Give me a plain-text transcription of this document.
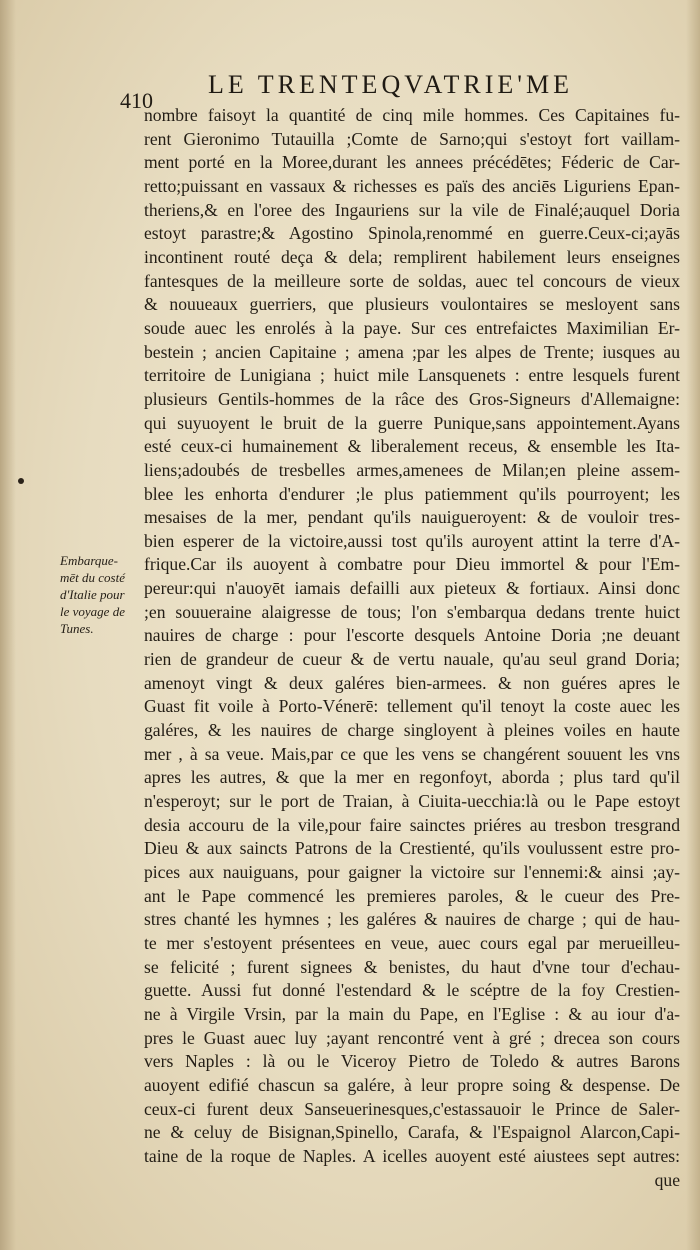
410
LE TRENTEQVATRIE'ME
Embarque-
mēt du costé
d'Italie pour
le voyage de
Tunes.
nombre faisoyt la quantité de cinq mile hommes. Ces Capitaines fu-
rent Gieronimo Tutauilla ;Comte de Sarno;qui s'estoyt fort vaillam-
ment porté en la Moree,durant les annees précédētes; Féderic de Car-
retto;puissant en vassaux & richesses es païs des anciēs Liguriens Epan-
theriens,& en l'oree des Ingauriens sur la vile de Finalé;auquel Doria
estoyt parastre;& Agostino Spinola,renommé en guerre.Ceux-ci;ayās
incontinent routé deça & dela; remplirent habilement leurs enseignes
fantesques de la meilleure sorte de soldas, auec tel concours de vieux
& nouueaux guerriers, que plusieurs voulontaires se mesloyent sans
soude auec les enrolés à la paye. Sur ces entrefaictes Maximilian Er-
bestein ; ancien Capitaine ; amena ;par les alpes de Trente; iusques au
territoire de Lunigiana ; huict mile Lansquenets : entre lesquels furent
plusieurs Gentils-hommes de la râce des Gros-Signeurs d'Allemaigne:
qui suyuoyent le bruit de la guerre Punique,sans appointement.Ayans
esté ceux-ci humainement & liberalement receus, & ensemble les Ita-
liens;adoubés de tresbelles armes,amenees de Milan;en pleine assem-
blee les enhorta d'endurer ;le plus patiemment qu'ils pourroyent; les
mesaises de la mer, pendant qu'ils nauigueroyent: & de vouloir tres-
bien esperer de la victoire,aussi tost qu'ils auroyent attint la terre d'A-
frique.Car ils auoyent à combatre pour Dieu immortel & pour l'Em-
pereur:qui n'auoyēt iamais defailli aux pieteux & fortiaux. Ainsi donc
;en souueraine alaigresse de tous; l'on s'embarqua dedans trente huict
nauires de charge : pour l'escorte desquels Antoine Doria ;ne deuant
rien de grandeur de cueur & de vertu nauale, qu'au seul grand Doria;
amenoyt vingt & deux galéres bien-armees. & non guéres apres le
Guast fit voile à Porto-Vénerē: tellement qu'il tenoyt la coste auec les
galéres, & les nauires de charge singloyent à pleines voiles en haute
mer , à sa veue. Mais,par ce que les vens se changérent souuent les vns
apres les autres, & que la mer en regonfoyt, aborda ; plus tard qu'il
n'esperoyt; sur le port de Traian, à Ciuita-uecchia:là ou le Pape estoyt
desia accouru de la vile,pour faire sainctes priéres au tresbon tresgrand
Dieu & aux saincts Patrons de la Crestienté, qu'ils voulussent estre pro-
pices aux nauiguans, pour gaigner la victoire sur l'ennemi:& ainsi ;ay-
ant le Pape commencé les premieres paroles, & le cueur des Pre-
stres chanté les hymnes ; les galéres & nauires de charge ; qui de hau-
te mer s'estoyent présentees en veue, auec cours egal par merueilleu-
se felicité ; furent signees & benistes, du haut d'vne tour d'echau-
guette. Aussi fut donné l'estendard & le scéptre de la foy Crestien-
ne à Virgile Vrsin, par la main du Pape, en l'Eglise : & au iour d'a-
pres le Guast auec luy ;ayant rencontré vent à gré ; drecea son cours
vers Naples : là ou le Viceroy Pietro de Toledo & autres Barons
auoyent edifié chascun sa galére, à leur propre soing & despense. De
ceux-ci furent deux Sanseuerinesques,c'estassauoir le Prince de Saler-
ne & celuy de Bisignan,Spinello, Carafa, & l'Espaignol Alarcon,Capi-
taine de la roque de Naples. A icelles auoyent esté aiustees sept autres:
que
